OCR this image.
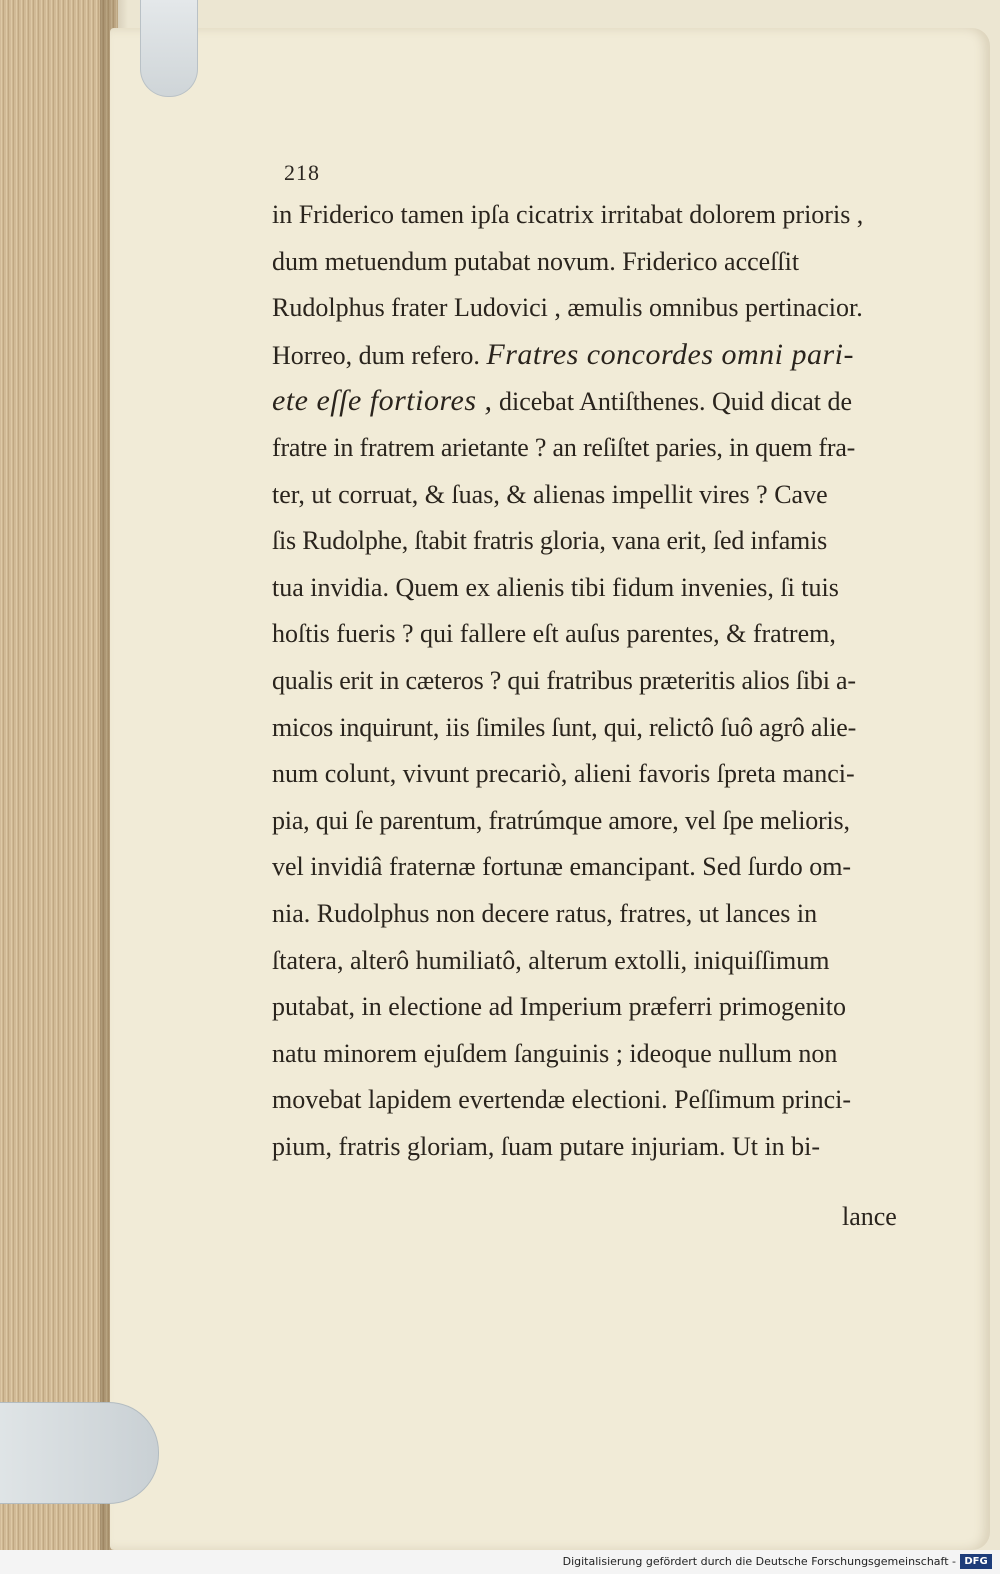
218
in Friderico tamen ipſa cicatrix irritabat dolorem prioris ,
dum metuendum putabat novum. Friderico acceſſit
Rudolphus frater Ludovici , æmulis omnibus pertinacior.
Horreo, dum refero. Fratres concordes omni pari-
ete eſſe fortiores , dicebat Antiſthenes. Quid dicat de
fratre in fratrem arietante ? an reſiſtet paries, in quem fra-
ter, ut corruat, & ſuas, & alienas impellit vires ? Cave
ſis Rudolphe, ſtabit fratris gloria, vana erit, ſed infamis
tua invidia. Quem ex alienis tibi fidum invenies, ſi tuis
hoſtis fueris ? qui fallere eſt auſus parentes, & fratrem,
qualis erit in cæteros ? qui fratribus præteritis alios ſibi a-
micos inquirunt, iis ſimiles ſunt, qui, relictô ſuô agrô alie-
num colunt, vivunt precariò, alieni favoris ſpreta manci-
pia, qui ſe parentum, fratrúmque amore, vel ſpe melioris,
vel invidiâ fraternæ fortunæ emancipant. Sed ſurdo om-
nia. Rudolphus non decere ratus, fratres, ut lances in
ſtatera, alterô humiliatô, alterum extolli, iniquiſſimum
putabat, in electione ad Imperium præferri primogenito
natu minorem ejuſdem ſanguinis ; ideoque nullum non
movebat lapidem evertendæ electioni. Peſſimum princi-
pium, fratris gloriam, ſuam putare injuriam. Ut in bi-
lance
Digitalisierung gefördert durch die Deutsche Forschungsgemeinschaft - DFG
